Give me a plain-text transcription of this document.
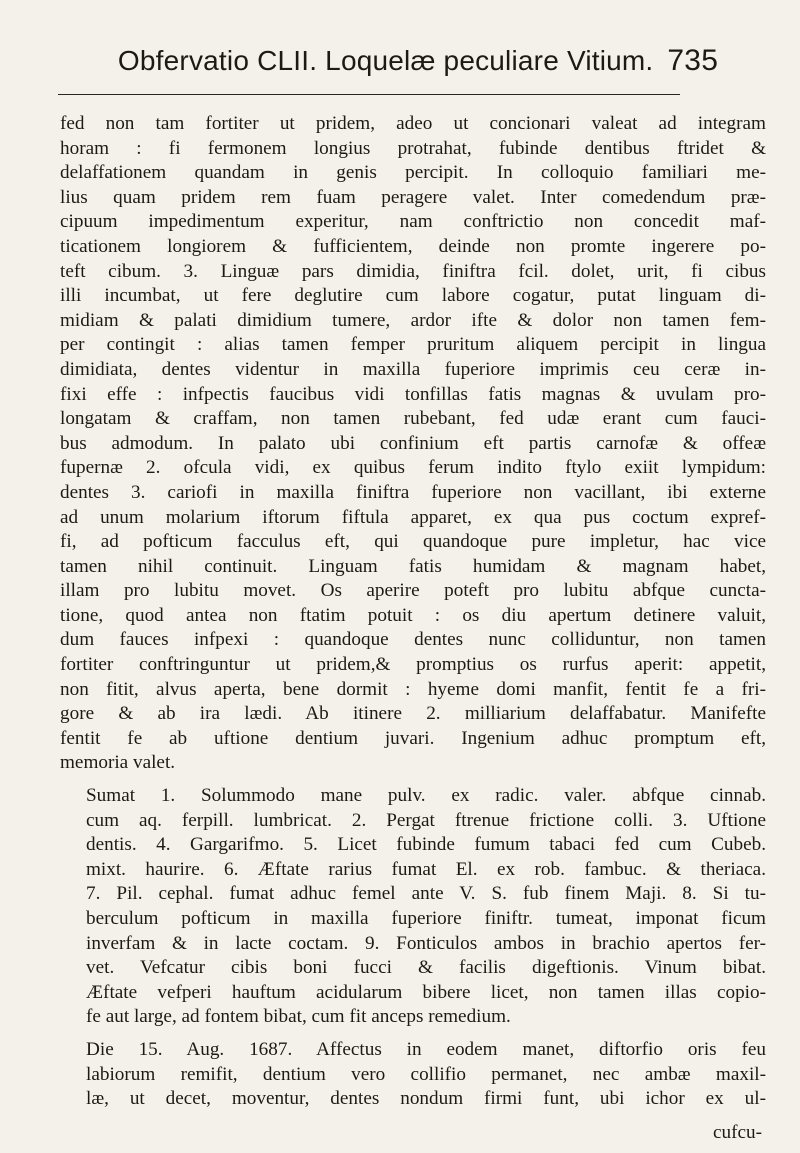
Obfervatio CLII. Loquelæ peculiare Vitium. 735

fed non tam fortiter ut pridem, adeo ut concionari valeat ad integram
horam : fi fermonem longius protrahat, fubinde dentibus ftridet &
delaffationem quandam in genis percipit. In colloquio familiari me-
lius quam pridem rem fuam peragere valet. Inter comedendum præ-
cipuum impedimentum experitur, nam conftrictio non concedit maf-
ticationem longiorem & fufficientem, deinde non promte ingerere po-
teft cibum. 3. Linguæ pars dimidia, finiftra fcil. dolet, urit, fi cibus
illi incumbat, ut fere deglutire cum labore cogatur, putat linguam di-
midiam & palati dimidium tumere, ardor ifte & dolor non tamen fem-
per contingit : alias tamen femper pruritum aliquem percipit in lingua
dimidiata, dentes videntur in maxilla fuperiore imprimis ceu ceræ in-
fixi effe : infpectis faucibus vidi tonfillas fatis magnas & uvulam pro-
longatam & craffam, non tamen rubebant, fed udæ erant cum fauci-
bus admodum. In palato ubi confinium eft partis carnofæ & offeæ
fupernæ 2. ofcula vidi, ex quibus ferum indito ftylo exiit lympidum:
dentes 3. cariofi in maxilla finiftra fuperiore non vacillant, ibi externe
ad unum molarium iftorum fiftula apparet, ex qua pus coctum expref-
fi, ad pofticum facculus eft, qui quandoque pure impletur, hac vice
tamen nihil continuit. Linguam fatis humidam & magnam habet,
illam pro lubitu movet. Os aperire poteft pro lubitu abfque cuncta-
tione, quod antea non ftatim potuit : os diu apertum detinere valuit,
dum fauces infpexi : quandoque dentes nunc colliduntur, non tamen
fortiter conftringuntur ut pridem,& promptius os rurfus aperit: appetit,
non fitit, alvus aperta, bene dormit : hyeme domi manfit, fentit fe a fri-
gore & ab ira lædi. Ab itinere 2. milliarium delaffabatur. Manifefte
fentit fe ab uftione dentium juvari. Ingenium adhuc promptum eft,
memoria valet.

Sumat 1. Solummodo mane pulv. ex radic. valer. abfque cinnab.
cum aq. ferpill. lumbricat. 2. Pergat ftrenue frictione colli. 3. Uftione
dentis. 4. Gargarifmo. 5. Licet fubinde fumum tabaci fed cum Cubeb.
mixt. haurire. 6. Æftate rarius fumat El. ex rob. fambuc. & theriaca.
7. Pil. cephal. fumat adhuc femel ante V. S. fub finem Maji. 8. Si tu-
berculum pofticum in maxilla fuperiore finiftr. tumeat, imponat ficum
inverfam & in lacte coctam. 9. Fonticulos ambos in brachio apertos fer-
vet. Vefcatur cibis boni fucci & facilis digeftionis. Vinum bibat.
Æftate vefperi hauftum acidularum bibere licet, non tamen illas copio-
fe aut large, ad fontem bibat, cum fit anceps remedium.

Die 15. Aug. 1687. Affectus in eodem manet, diftorfio oris feu
labiorum remifit, dentium vero collifio permanet, nec ambæ maxil-
læ, ut decet, moventur, dentes nondum firmi funt, ubi ichor ex ul-

cufcu-
